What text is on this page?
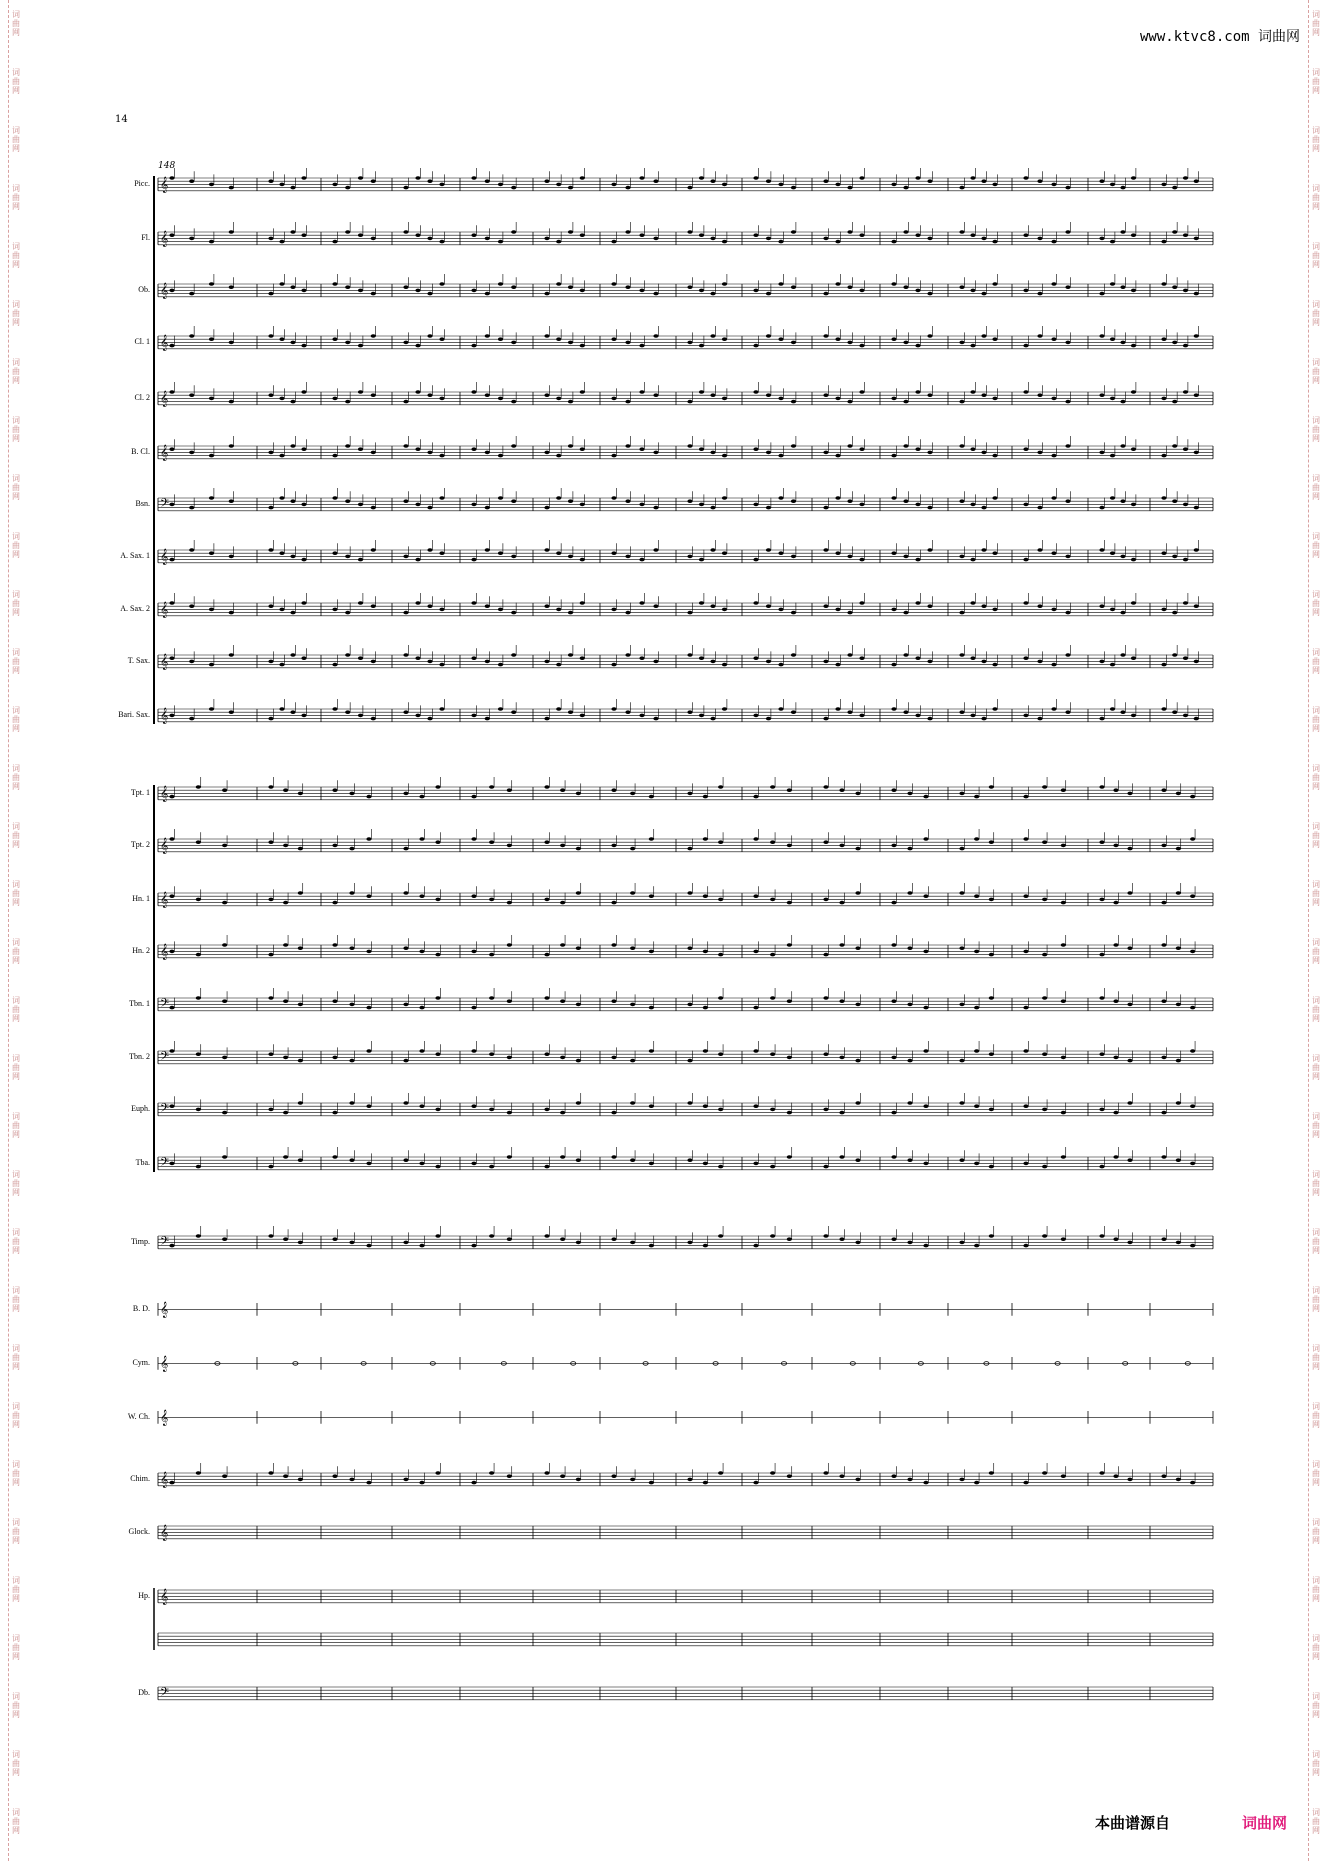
词
曲
网
词
曲
网
词
曲
网
词
曲
网
词
曲
网
词
曲
网
词
曲
网
词
曲
网
词
曲
网
词
曲
网
词
曲
网
词
曲
网
词
曲
网
词
曲
网
词
曲
网
词
曲
网
词
曲
网
词
曲
网
词
曲
网
词
曲
网
词
曲
网
词
曲
网
词
曲
网
词
曲
网
词
曲
网
词
曲
网
词
曲
网
词
曲
网
词
曲
网
词
曲
网
词
曲
网
词
曲
网
词
曲
网
词
曲
网
词
曲
网
词
曲
网
词
曲
网
词
曲
网
词
曲
网
词
曲
网
词
曲
网
词
曲
网
词
曲
网
词
曲
网
词
曲
网
词
曲
网
词
曲
网
词
曲
网
词
曲
网
词
曲
网
词
曲
网
词
曲
网
词
曲
网
词
曲
网
词
曲
网
词
曲
网
词
曲
网
词
曲
网
词
曲
网
词
曲
网
词
曲
网
词
曲
网
词
曲
网
词
曲
网
www.ktvc8.com 词曲网
14
148
𝄞
𝄞
𝄞
𝄞
𝄞
𝄞
𝄢
𝄞
𝄞
𝄞
𝄞
𝄞
𝄞
𝄞
𝄞
𝄢
𝄢
𝄢
𝄢
𝄢
𝄞
𝄞
𝄞
𝄞
𝄞
𝄞
𝄢
Picc.
Fl.
Ob.
Cl. 1
Cl. 2
B. Cl.
Bsn.
A. Sax. 1
A. Sax. 2
T. Sax.
Bari. Sax.
Tpt. 1
Tpt. 2
Hn. 1
Hn. 2
Tbn. 1
Tbn. 2
Euph.
Tba.
Timp.
B. D.
Cym.
W. Ch.
Chim.
Glock.
Hp.
Db.
本曲谱源自	词曲网
